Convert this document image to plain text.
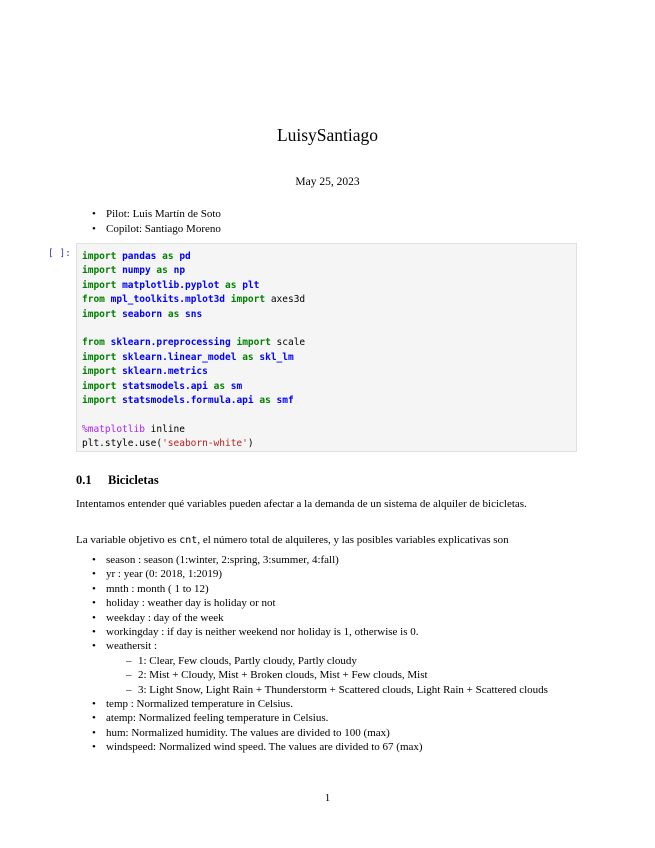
LuisySantiago
May 25, 2023
• Pilot: Luis Martín de Soto
• Copilot: Santiago Moreno
[ ]: import pandas as pd
import numpy as np
import matplotlib.pyplot as plt
from mpl_toolkits.mplot3d import axes3d
import seaborn as sns

from sklearn.preprocessing import scale
import sklearn.linear_model as skl_lm
import sklearn.metrics
import statsmodels.api as sm
import statsmodels.formula.api as smf

%matplotlib inline
plt.style.use('seaborn-white')
0.1 Bicicletas

Intentamos entender qué variables pueden afectar a la demanda de un sistema de alquiler de bicicletas.

La variable objetivo es cnt, el número total de alquileres, y las posibles variables explicativas son

• season : season (1:winter, 2:spring, 3:summer, 4:fall)
• yr : year (0: 2018, 1:2019)
• mnth : month ( 1 to 12)
• holiday : weather day is holiday or not
• weekday : day of the week
• workingday : if day is neither weekend nor holiday is 1, otherwise is 0.
• weathersit :
– 1: Clear, Few clouds, Partly cloudy, Partly cloudy
– 2: Mist + Cloudy, Mist + Broken clouds, Mist + Few clouds, Mist
– 3: Light Snow, Light Rain + Thunderstorm + Scattered clouds, Light Rain + Scattered clouds
• temp : Normalized temperature in Celsius.
• atemp: Normalized feeling temperature in Celsius.
• hum: Normalized humidity. The values are divided to 100 (max)
• windspeed: Normalized wind speed. The values are divided to 67 (max)
1
